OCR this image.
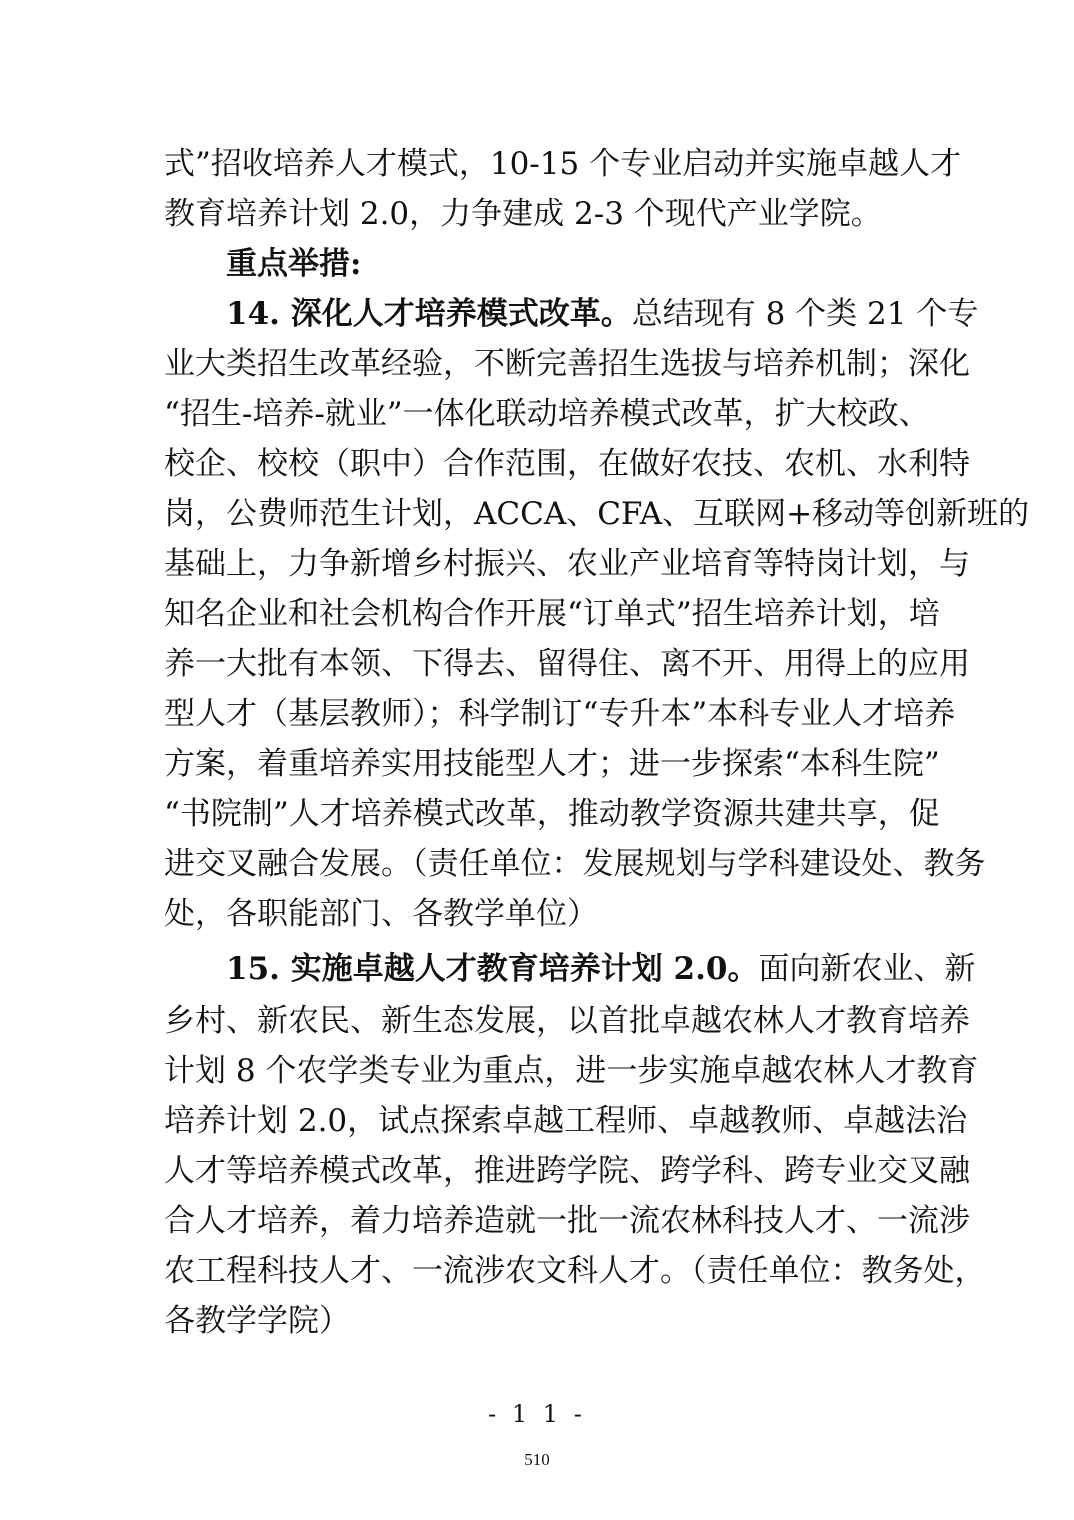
式”招收培养人才模式，10-15 个专业启动并实施卓越人才
教育培养计划 2.0，力争建成 2-3 个现代产业学院。
重点举措:
14. 深化人才培养模式改革。总结现有 8 个类 21 个专
业大类招生改革经验，不断完善招生选拔与培养机制；深化
“招生-培养-就业”一体化联动培养模式改革，扩大校政、
校企、校校（职中）合作范围，在做好农技、农机、水利特
岗，公费师范生计划，ACCA、CFA、互联网+移动等创新班的
基础上，力争新增乡村振兴、农业产业培育等特岗计划，与
知名企业和社会机构合作开展“订单式”招生培养计划，培
养一大批有本领、下得去、留得住、离不开、用得上的应用
型人才（基层教师）；科学制订“专升本”本科专业人才培养
方案，着重培养实用技能型人才；进一步探索“本科生院”
“书院制”人才培养模式改革，推动教学资源共建共享，促
进交叉融合发展。（责任单位：发展规划与学科建设处、教务
处，各职能部门、各教学单位）
15. 实施卓越人才教育培养计划 2.0。面向新农业、新
乡村、新农民、新生态发展，以首批卓越农林人才教育培养
计划 8 个农学类专业为重点，进一步实施卓越农林人才教育
培养计划 2.0，试点探索卓越工程师、卓越教师、卓越法治
人才等培养模式改革，推进跨学院、跨学科、跨专业交叉融
合人才培养，着力培养造就一批一流农林科技人才、一流涉
农工程科技人才、一流涉农文科人才。（责任单位：教务处，
各教学学院）
- 1 1 -
510
